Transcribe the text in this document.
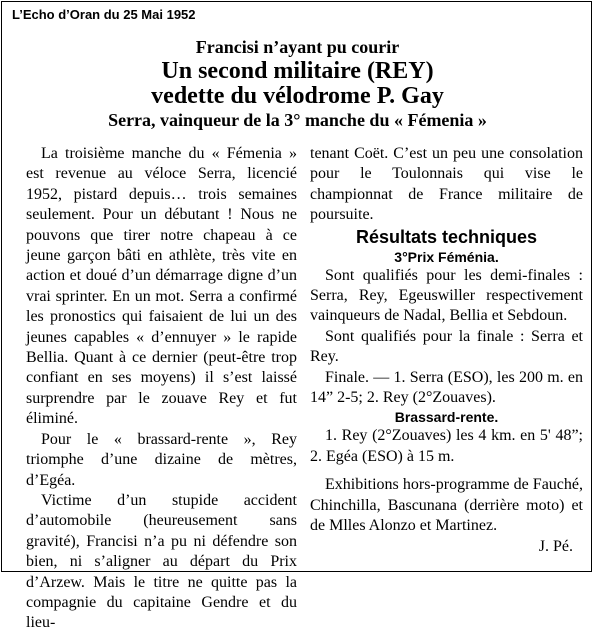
L’Echo d’Oran du 25 Mai 1952
Francisi n’ayant pu courir
Un second militaire (REY)
vedette du vélodrome P. Gay
Serra, vainqueur de la 3° manche du « Fémenia »

La troisième manche du « Fémenia » est revenue au véloce Serra, licencié 1952, pistard depuis… trois semaines seulement. Pour un débutant ! Nous ne pouvons que tirer notre chapeau à ce jeune garçon bâti en athlète, très vite en action et doué d’un démarrage digne d’un vrai sprinter. En un mot. Serra a confirmé les pronostics qui faisaient de lui un des jeunes capables « d’ennuyer » le rapide Bellia. Quant à ce dernier (peut-être trop confiant en ses moyens) il s’est laissé surprendre par le zouave Rey et fut éliminé.

Pour le « brassard-rente », Rey triomphe d’une dizaine de mètres, d’Egéa.

Victime d’un stupide accident d’automobile (heureusement sans gravité), Francisi n’a pu ni défendre son bien, ni s’aligner au départ du Prix d’Arzew. Mais le titre ne quitte pas la compagnie du capitaine Gendre et du lieu-

tenant Coët. C’est un peu une consolation pour le Toulonnais qui vise le championnat de France militaire de poursuite.

Résultats techniques

3°Prix Féménia.

Sont qualifiés pour les demi-finales : Serra, Rey, Egeuswiller respectivement vainqueurs de Nadal, Bellia et Sebdoun.

Sont qualifiés pour la finale : Serra et Rey.

Finale. — 1. Serra (ESO), les 200 m. en 14” 2-5; 2. Rey (2°Zouaves).

Brassard-rente.

1. Rey (2°Zouaves) les 4 km. en 5' 48”; 2. Egéa (ESO) à 15 m.

Exhibitions hors-programme de Fauché, Chinchilla, Bascunana (derrière moto) et de Mlles Alonzo et Martinez.

J. Pé.
